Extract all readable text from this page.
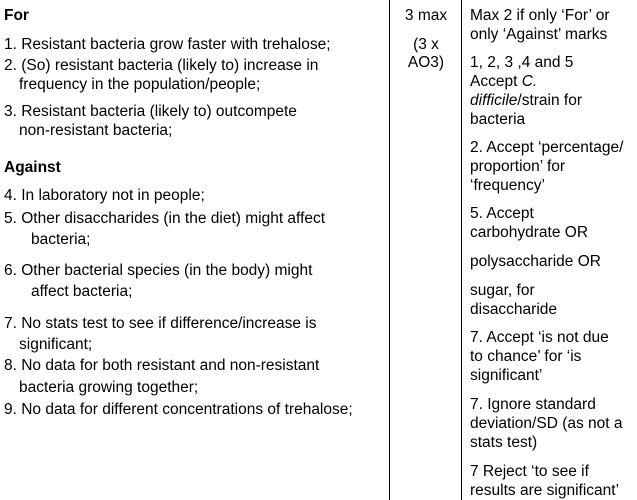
For
1. Resistant bacteria grow faster with trehalose;
2. (So) resistant bacteria (likely to) increase in
frequency in the population/people;
3. Resistant bacteria (likely to) outcompete
non-resistant bacteria;
Against
4. In laboratory not in people;
5. Other disaccharides (in the diet) might affect
bacteria;
6. Other bacterial species (in the body) might
affect bacteria;
7. No stats test to see if difference/increase is
significant;
8. No data for both resistant and non-resistant
bacteria growing together;
9. No data for different concentrations of trehalose;
3 max
(3 x
AO3)
Max 2 if only ‘For’ or
only ‘Against’ marks
1, 2, 3 ,4 and 5
Accept C.
difficile/strain for
bacteria
2. Accept ‘percentage/
proportion’ for
‘frequency’
5. Accept
carbohydrate OR
polysaccharide OR
sugar, for
disaccharide
7. Accept ‘is not due
to chance’ for ‘is
significant’
7. Ignore standard
deviation/SD (as not a
stats test)
7 Reject ‘to see if
results are significant’
